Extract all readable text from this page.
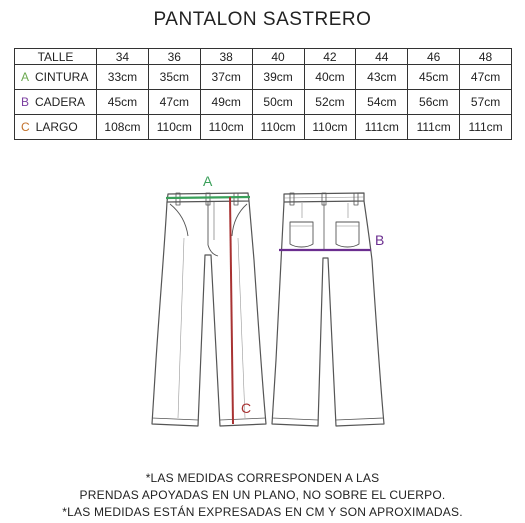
PANTALON SASTRERO
TALLE	34	36	38	40	42	44	46	48
A CINTURA	33cm	35cm	37cm	39cm	40cm	43cm	45cm	47cm
B CADERA	45cm	47cm	49cm	50cm	52cm	54cm	56cm	57cm
C LARGO	108cm	110cm	110cm	110cm	110cm	111cm	111cm	111cm
A
C
B
*LAS MEDIDAS CORRESPONDEN A LAS
PRENDAS APOYADAS EN UN PLANO, NO SOBRE EL CUERPO.
*LAS MEDIDAS ESTÁN EXPRESADAS EN CM Y SON APROXIMADAS.
